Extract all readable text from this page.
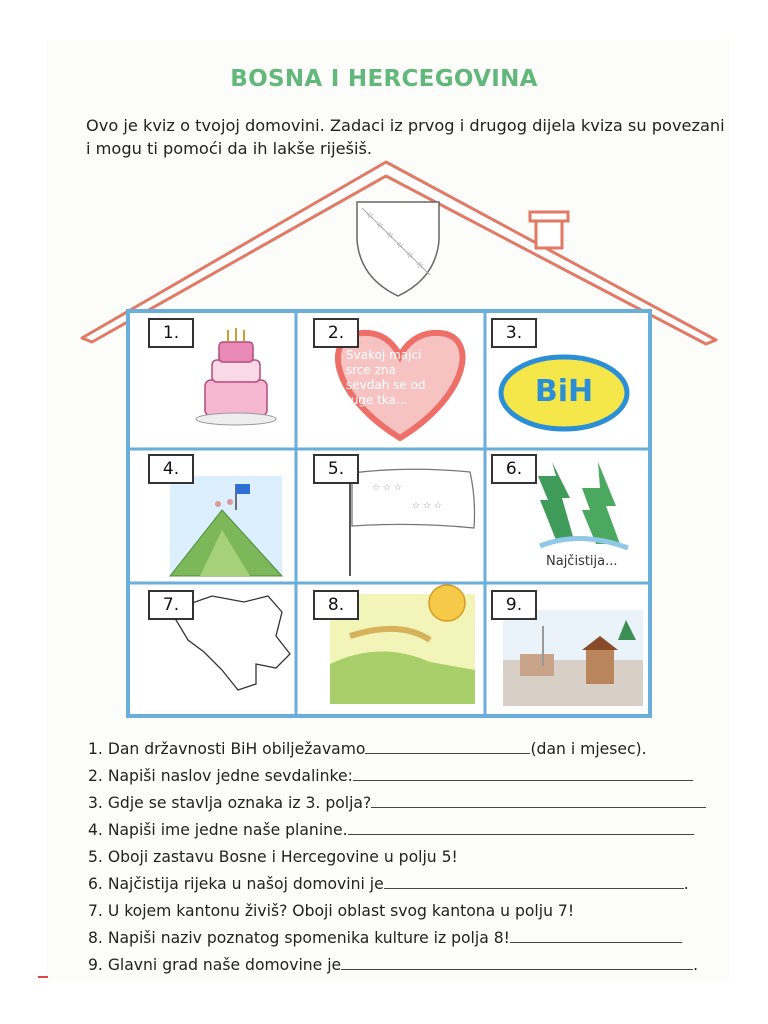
BOSNA I HERCEGOVINA
Ovo je kviz o tvojoj domovini. Zadaci iz prvog i drugog dijela kviza su povezani i mogu ti pomoći da ih lakše riješiš.
☆
☆
☆
☆
☆
☆
☆ ☆ ☆
☆ ☆ ☆
1.	2.	3.
4.	5.	6.
7.	8.	9.
Svakoj majci srce zna sevdah se od tuge tka...	BiH
Najčistija...
1. Dan državnosti BiH obilježavamo	(dan i mjesec).
2. Napiši naslov jedne sevdalinke:
3. Gdje se stavlja oznaka iz 3. polja?
4. Napiši ime jedne naše planine.
5. Oboji zastavu Bosne i Hercegovine u polju 5!
6. Najčistija rijeka u našoj domovini je	.
7. U kojem kantonu živiš? Oboji oblast svog kantona u polju 7!
8. Napiši naziv poznatog spomenika kulture iz polja 8!
9. Glavni grad naše domovine je	.
